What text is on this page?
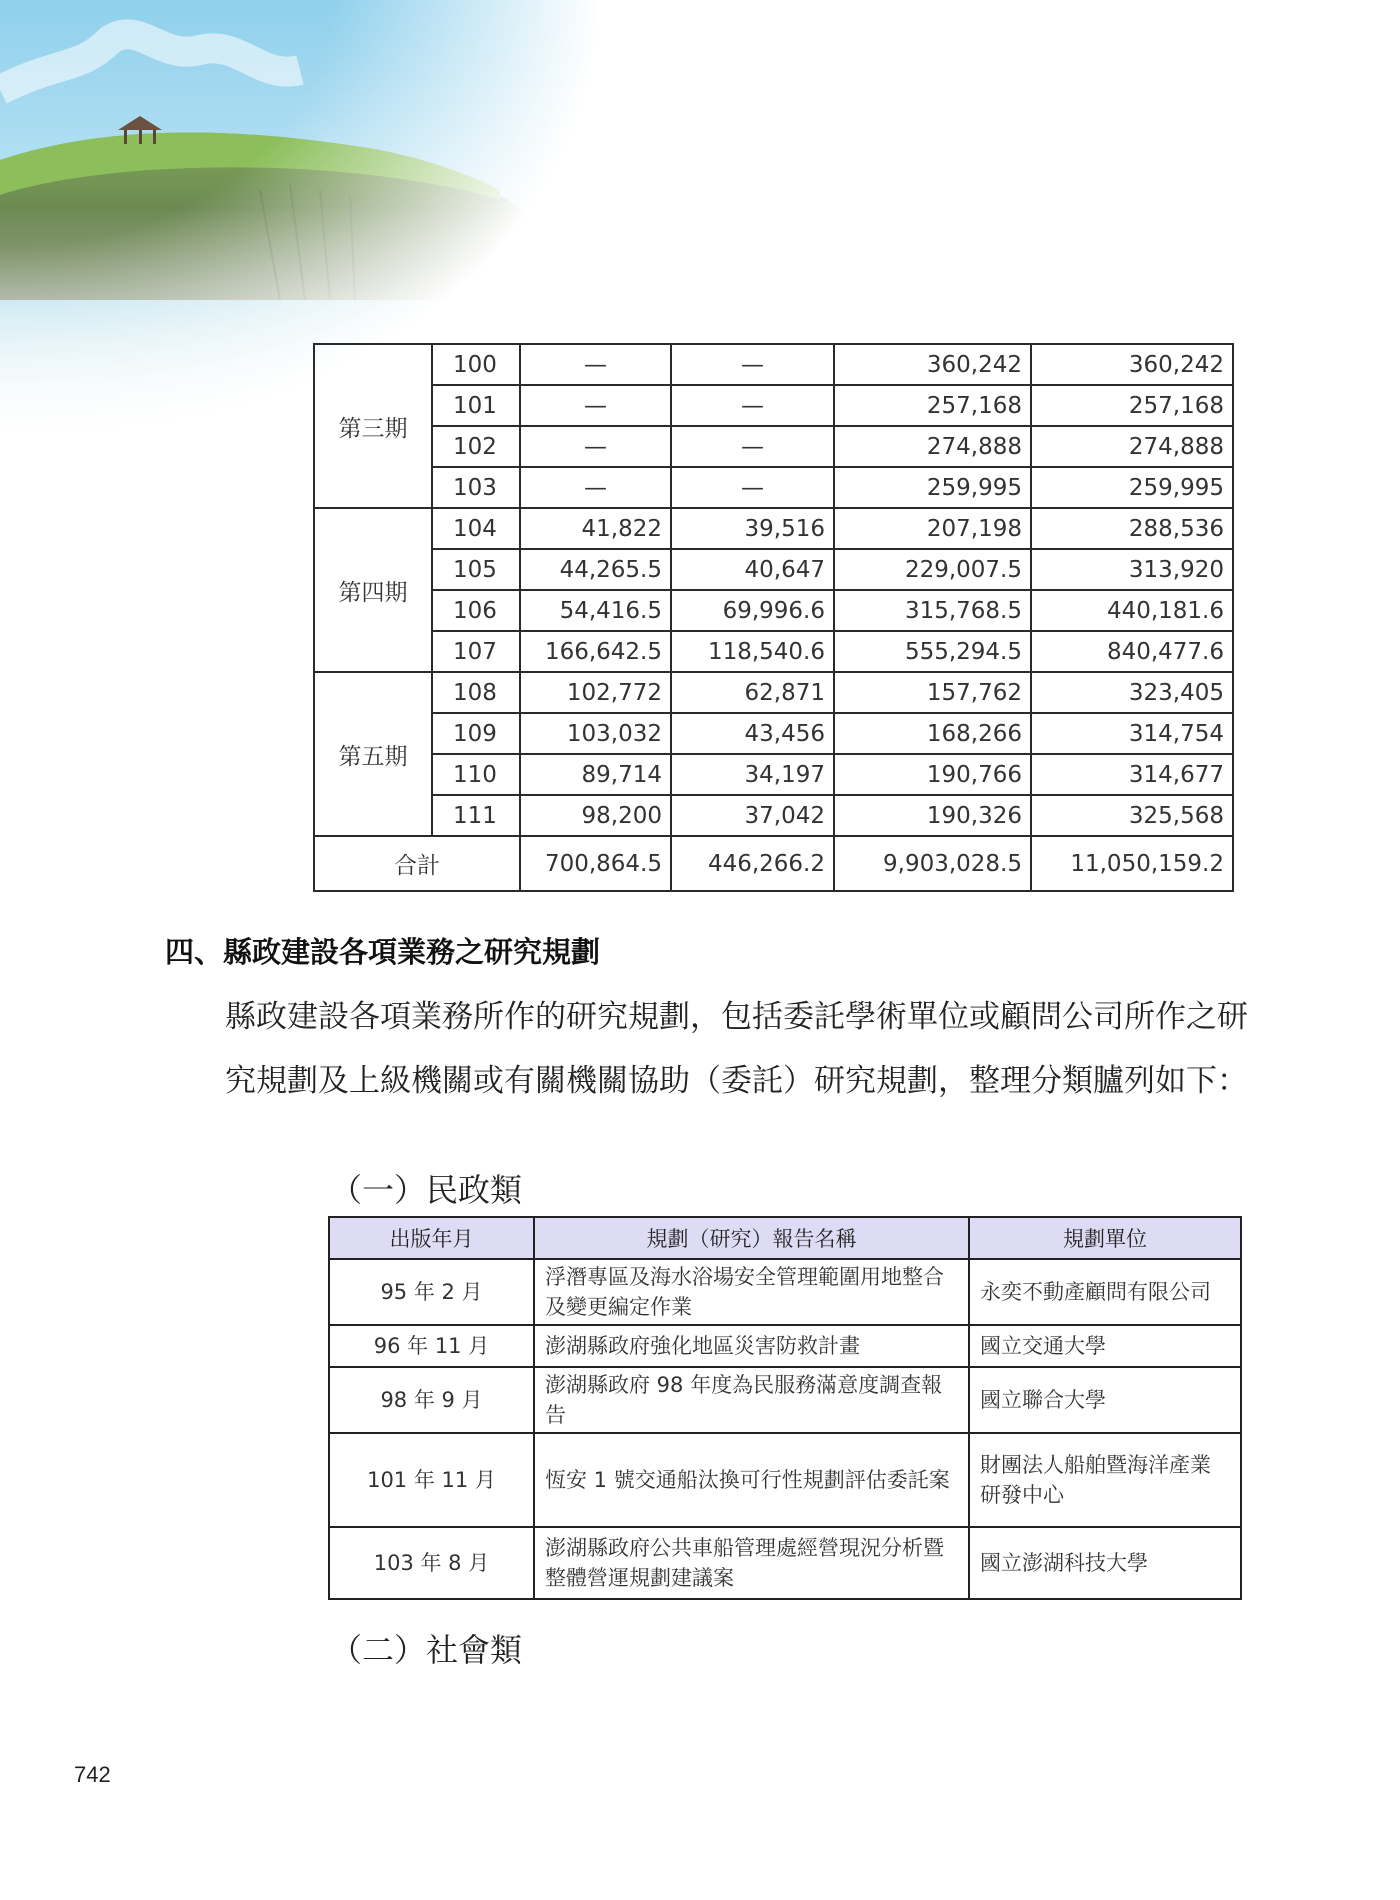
第三期	100	—	—	360,242	360,242
	101	—	—	257,168	257,168
	102	—	—	274,888	274,888
	103	—	—	259,995	259,995
第四期	104	41,822	39,516	207,198	288,536
	105	44,265.5	40,647	229,007.5	313,920
	106	54,416.5	69,996.6	315,768.5	440,181.6
	107	166,642.5	118,540.6	555,294.5	840,477.6
第五期	108	102,772	62,871	157,762	323,405
	109	103,032	43,456	168,266	314,754
	110	89,714	34,197	190,766	314,677
	111	98,200	37,042	190,326	325,568
合計		700,864.5	446,266.2	9,903,028.5	11,050,159.2
四、縣政建設各項業務之研究規劃
縣政建設各項業務所作的研究規劃，包括委託學術單位或顧問公司所作之研究規劃及上級機關或有關機關協助（委託）研究規劃，整理分類臚列如下：
（一）民政類
出版年月	規劃（研究）報告名稱	規劃單位
95 年 2 月	浮潛專區及海水浴場安全管理範圍用地整合及變更編定作業	永奕不動產顧問有限公司
96 年 11 月	澎湖縣政府強化地區災害防救計畫	國立交通大學
98 年 9 月	澎湖縣政府 98 年度為民服務滿意度調查報告	國立聯合大學
101 年 11 月	恆安 1 號交通船汰換可行性規劃評估委託案	財團法人船舶暨海洋產業研發中心
103 年 8 月	澎湖縣政府公共車船管理處經營現況分析暨整體營運規劃建議案	國立澎湖科技大學
（二）社會類
742
